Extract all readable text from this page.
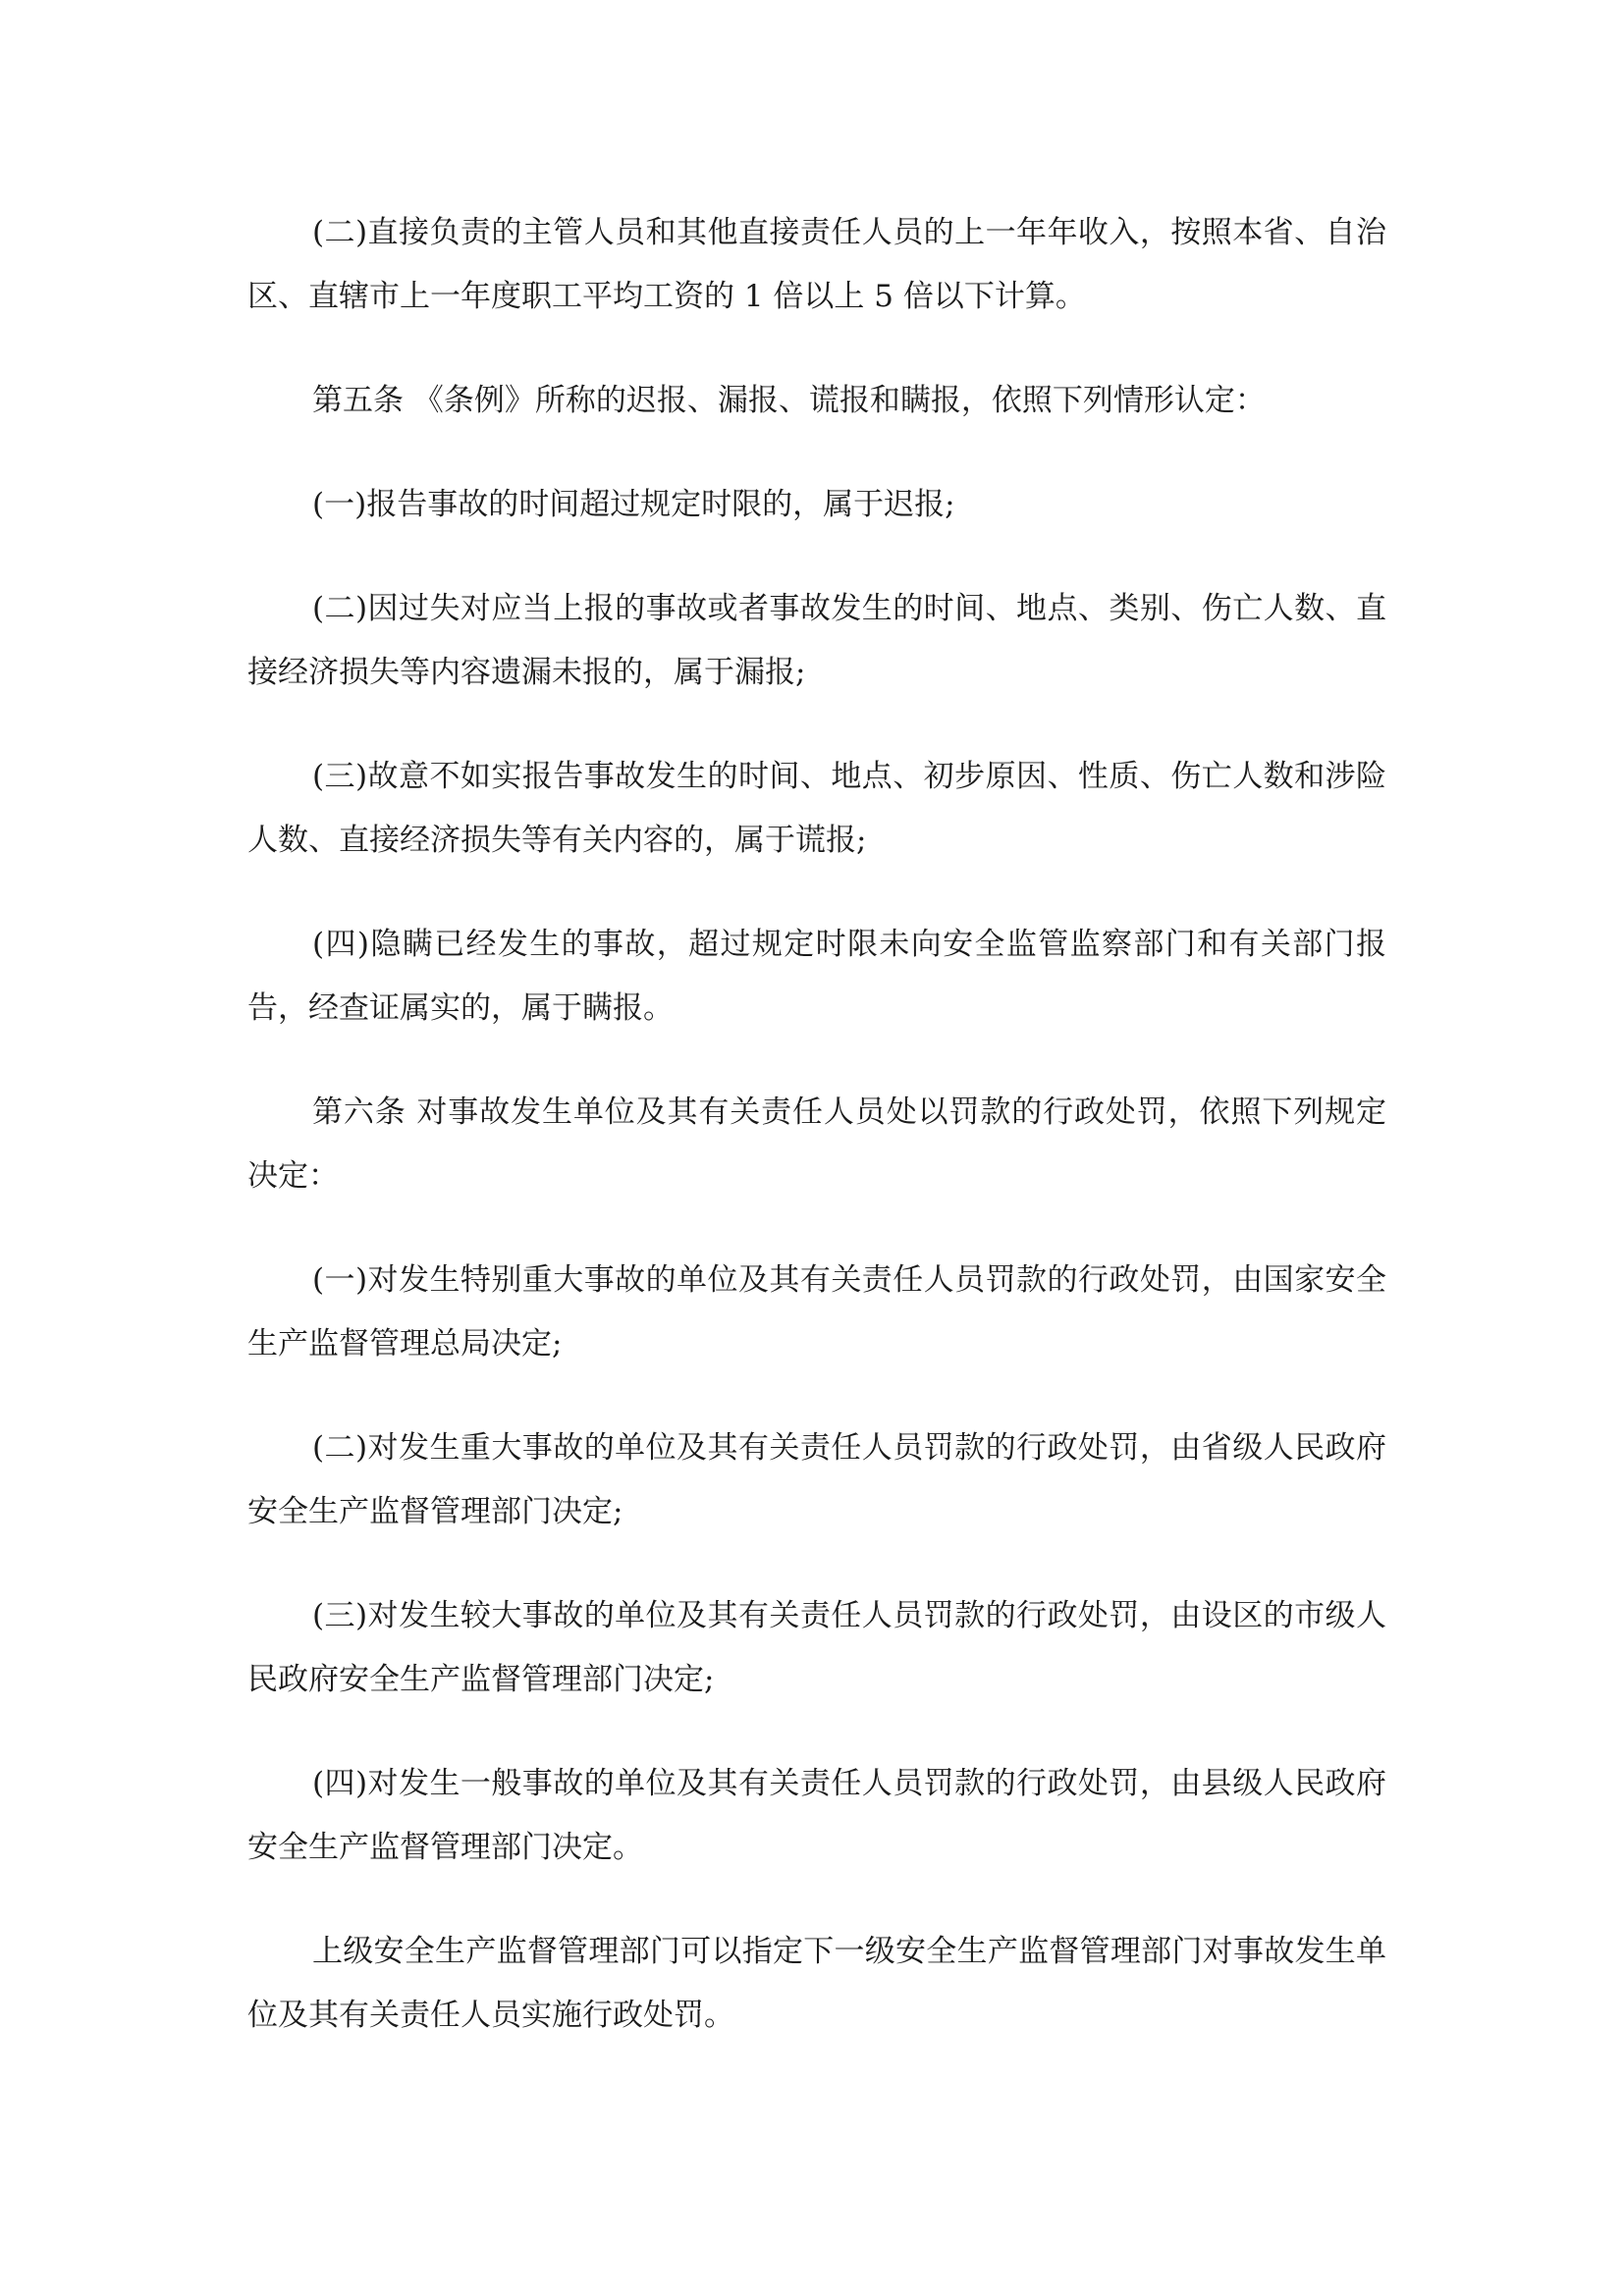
(二)直接负责的主管人员和其他直接责任人员的上一年年收入，按照本省、自治区、直辖市上一年度职工平均工资的 1 倍以上 5 倍以下计算。

第五条 《条例》所称的迟报、漏报、谎报和瞒报，依照下列情形认定：

(一)报告事故的时间超过规定时限的，属于迟报;

(二)因过失对应当上报的事故或者事故发生的时间、地点、类别、伤亡人数、直接经济损失等内容遗漏未报的，属于漏报;

(三)故意不如实报告事故发生的时间、地点、初步原因、性质、伤亡人数和涉险人数、直接经济损失等有关内容的，属于谎报;

(四)隐瞒已经发生的事故，超过规定时限未向安全监管监察部门和有关部门报告，经查证属实的，属于瞒报。

第六条 对事故发生单位及其有关责任人员处以罚款的行政处罚，依照下列规定决定：

(一)对发生特别重大事故的单位及其有关责任人员罚款的行政处罚，由国家安全生产监督管理总局决定;

(二)对发生重大事故的单位及其有关责任人员罚款的行政处罚，由省级人民政府安全生产监督管理部门决定;

(三)对发生较大事故的单位及其有关责任人员罚款的行政处罚，由设区的市级人民政府安全生产监督管理部门决定;

(四)对发生一般事故的单位及其有关责任人员罚款的行政处罚，由县级人民政府安全生产监督管理部门决定。

上级安全生产监督管理部门可以指定下一级安全生产监督管理部门对事故发生单位及其有关责任人员实施行政处罚。
